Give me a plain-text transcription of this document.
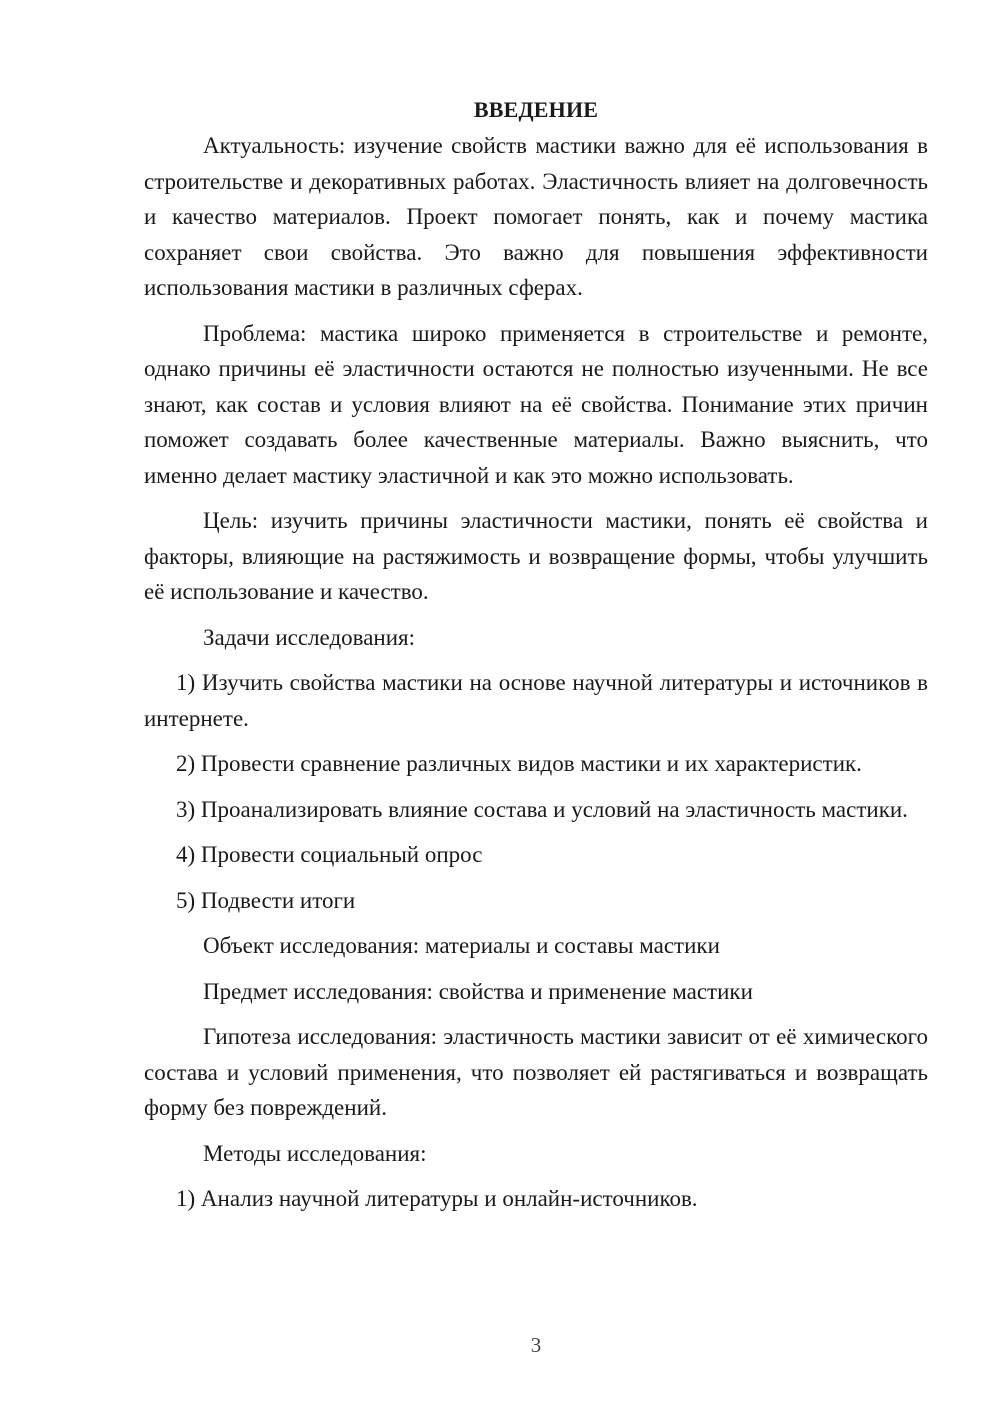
ВВЕДЕНИЕ

Актуальность: изучение свойств мастики важно для её использования в строительстве и декоративных работах. Эластичность влияет на долговечность и качество материалов. Проект помогает понять, как и почему мастика сохраняет свои свойства. Это важно для повышения эффективности использования мастики в различных сферах.

Проблема: мастика широко применяется в строительстве и ремонте, однако причины её эластичности остаются не полностью изученными. Не все знают, как состав и условия влияют на её свойства. Понимание этих причин поможет создавать более качественные материалы. Важно выяснить, что именно делает мастику эластичной и как это можно использовать.

Цель: изучить причины эластичности мастики, понять её свойства и факторы, влияющие на растяжимость и возвращение формы, чтобы улучшить её использование и качество.

Задачи исследования:

1) Изучить свойства мастики на основе научной литературы и источников в интернете.

2) Провести сравнение различных видов мастики и их характеристик.

3) Проанализировать влияние состава и условий на эластичность мастики.

4) Провести социальный опрос

5) Подвести итоги

Объект исследования: материалы и составы мастики

Предмет исследования: свойства и применение мастики

Гипотеза исследования: эластичность мастики зависит от её химического состава и условий применения, что позволяет ей растягиваться и возвращать форму без повреждений.

Методы исследования:

1) Анализ научной литературы и онлайн-источников.

3
